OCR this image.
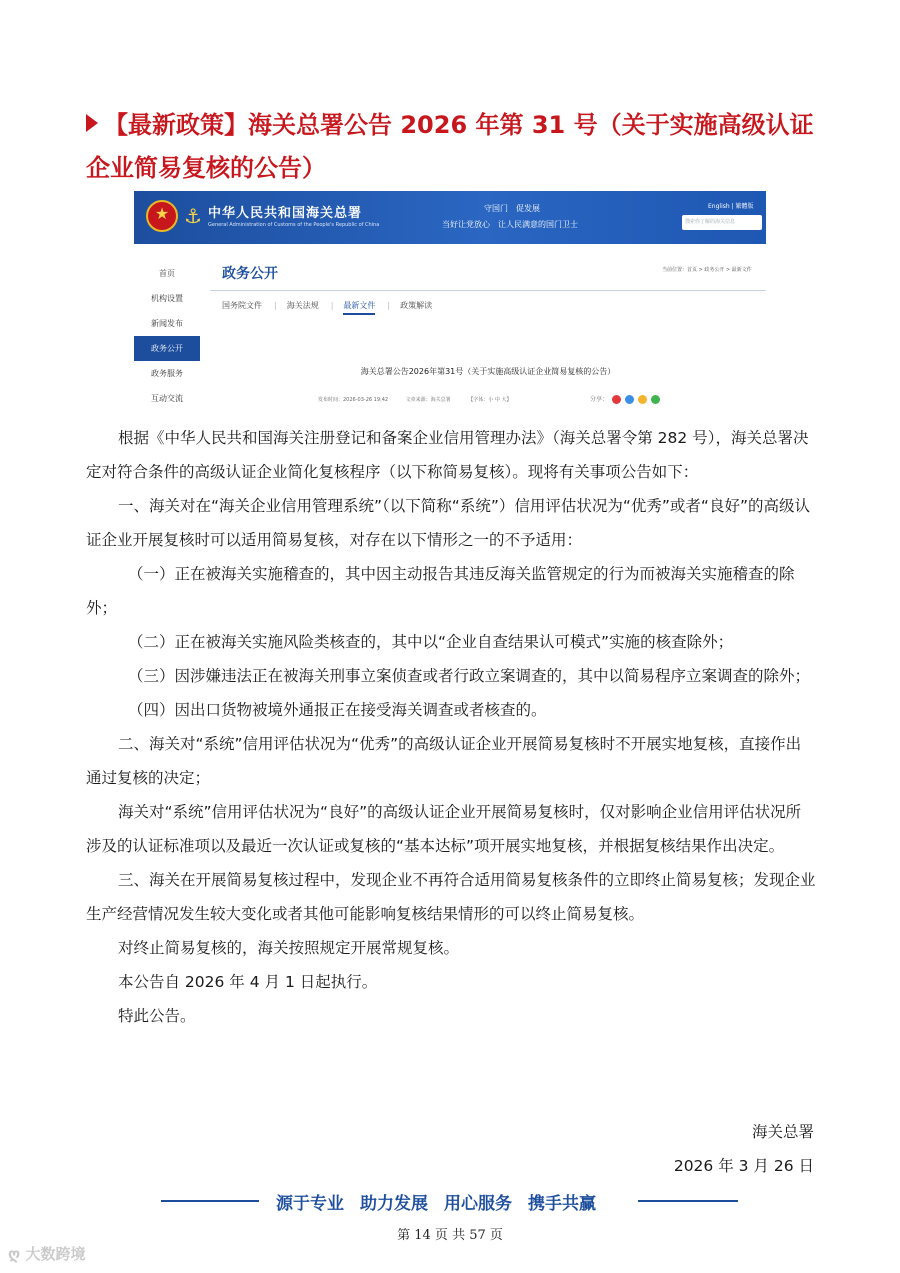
【最新政策】海关总署公告 2026 年第 31 号（关于实施高级认证企业简易复核的公告）
★
⚓ 中华人民共和国海关总署
General Administration of Customs of the People's Republic of China
守国门　促发展
当好让党放心　让人民满意的国门卫士
English | 繁體版
搜索你了解的海关信息
首页
机构设置
新闻发布
政务公开
政务服务
互动交流
政务公开	当前位置：首页 > 政务公开 > 最新文件
国务院文件 | 海关法规 | 最新文件 | 政策解读
海关总署公告2026年第31号（关于实施高级认证企业简易复核的公告）
发布时间：2026-03-26 19:42	文章来源：海关总署	【字体：小 中 大】	分享：

根据《中华人民共和国海关注册登记和备案企业信用管理办法》（海关总署令第 282 号），海关总署决定对符合条件的高级认证企业简化复核程序（以下称简易复核）。现将有关事项公告如下：

一、海关对在“海关企业信用管理系统”（以下简称“系统”）信用评估状况为“优秀”或者“良好”的高级认证企业开展复核时可以适用简易复核，对存在以下情形之一的不予适用：

（一）正在被海关实施稽查的，其中因主动报告其违反海关监管规定的行为而被海关实施稽查的除外；

（二）正在被海关实施风险类核查的，其中以“企业自查结果认可模式”实施的核查除外；

（三）因涉嫌违法正在被海关刑事立案侦查或者行政立案调查的，其中以简易程序立案调查的除外；

（四）因出口货物被境外通报正在接受海关调查或者核查的。

二、海关对“系统”信用评估状况为“优秀”的高级认证企业开展简易复核时不开展实地复核，直接作出通过复核的决定；

海关对“系统”信用评估状况为“良好”的高级认证企业开展简易复核时，仅对影响企业信用评估状况所涉及的认证标准项以及最近一次认证或复核的“基本达标”项开展实地复核，并根据复核结果作出决定。

三、海关在开展简易复核过程中，发现企业不再符合适用简易复核条件的立即终止简易复核；发现企业生产经营情况发生较大变化或者其他可能影响复核结果情形的可以终止简易复核。

对终止简易复核的，海关按照规定开展常规复核。

本公告自 2026 年 4 月 1 日起执行。

特此公告。

海关总署
2026 年 3 月 26 日
源于专业 助力发展 用心服务 携手共赢
第 14 页 共 57 页
ღ 大数跨境
